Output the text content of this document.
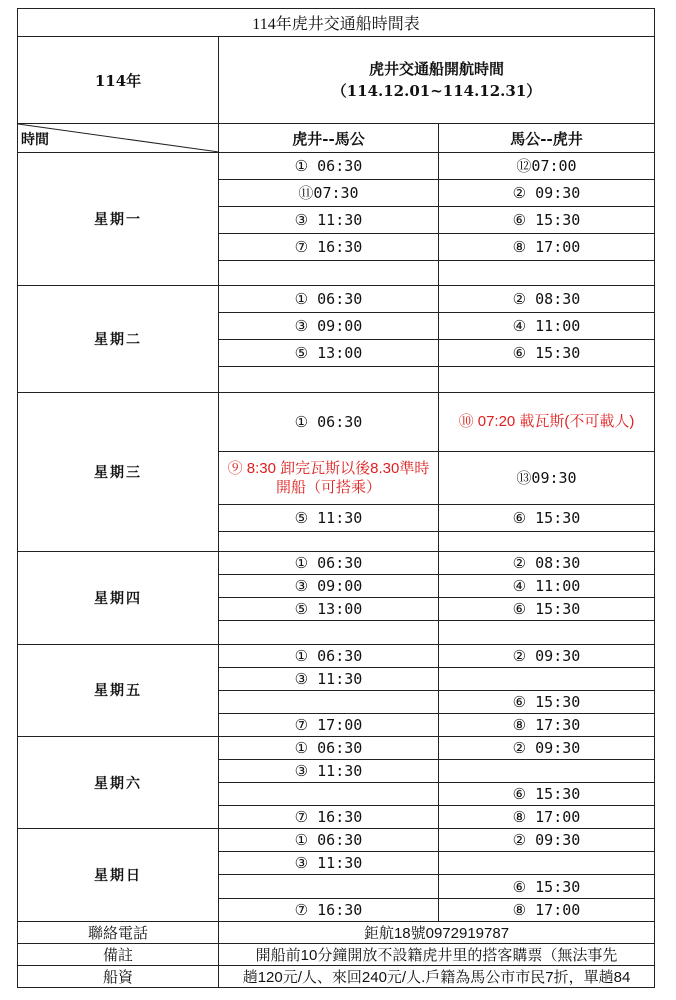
114年虎井交通船時間表		
114年	虎井交通船開航時間
（114.12.01~114.12.31）	

時間	虎井--馬公	馬公--虎井
星期一	① 06:30	⑫07:00
	⑪07:30	② 09:30
	③ 11:30	⑥ 15:30
	⑦ 16:30	⑧ 17:00

星期二	① 06:30	② 08:30
	③ 09:00	④ 11:00
	⑤ 13:00	⑥ 15:30

星期三	① 06:30	⑩ 07:20 載瓦斯(不可載人)
	⑨ 8:30 卸完瓦斯以後8.30準時開船（可搭乘）	⑬09:30
	⑤ 11:30	⑥ 15:30

星期四	① 06:30	② 08:30
	③ 09:00	④ 11:00
	⑤ 13:00	⑥ 15:30

星期五	① 06:30	② 09:30
	③ 11:30	
		⑥ 15:30
	⑦ 17:00	⑧ 17:30
星期六	① 06:30	② 09:30
	③ 11:30	
		⑥ 15:30
	⑦ 16:30	⑧ 17:00
星期日	① 06:30	② 09:30
	③ 11:30	
		⑥ 15:30
	⑦ 16:30	⑧ 17:00
聯絡電話	鉅航18號0972919787	
備註	開船前10分鐘開放不設籍虎井里的搭客購票（無法事先	
船資	趟120元/人、來回240元/人.戶籍為馬公市市民7折，單趟84	
